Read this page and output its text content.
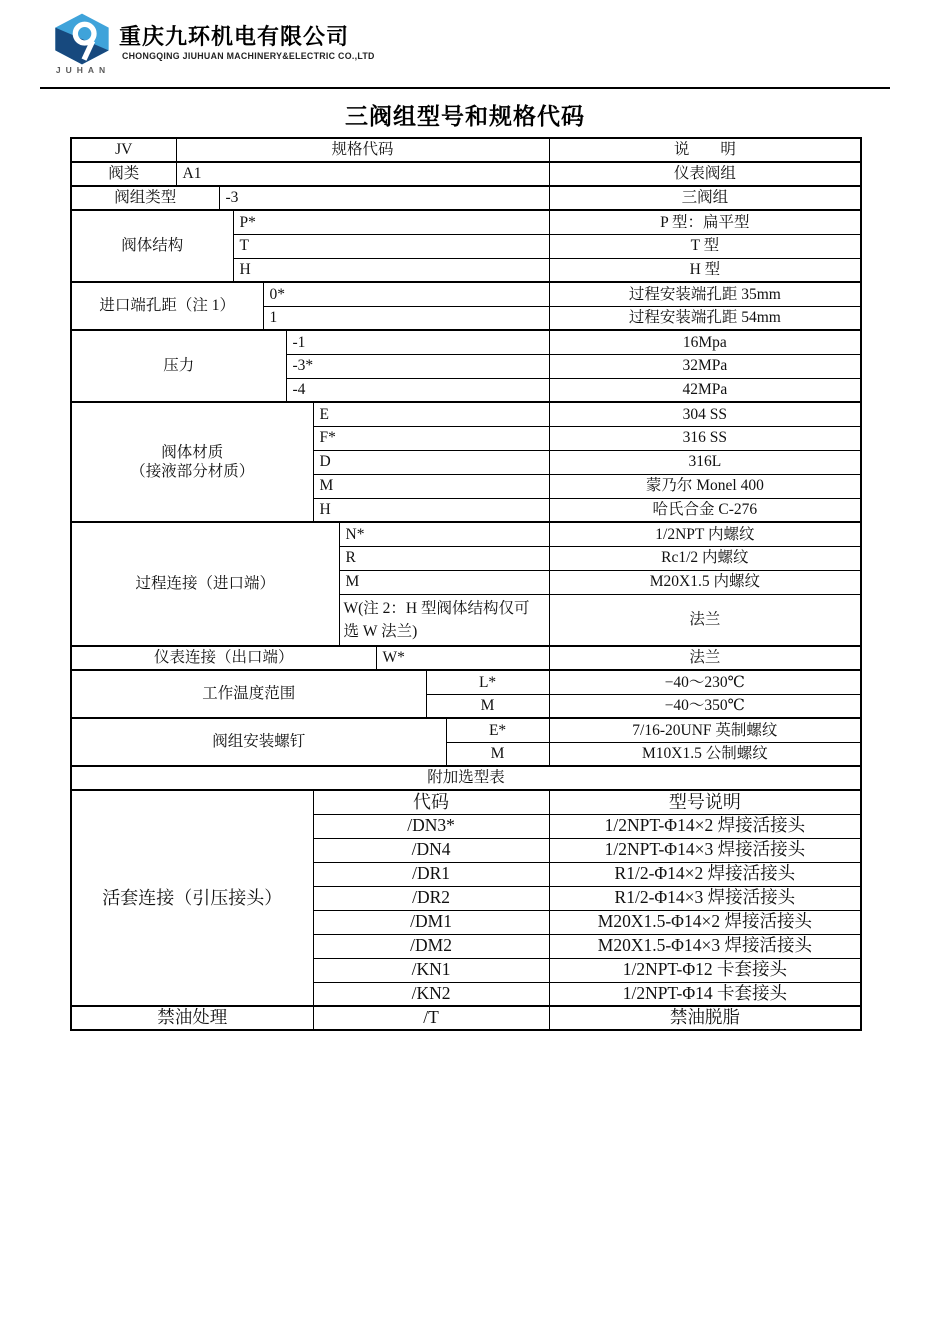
JUHAN
重庆九环机电有限公司
CHONGQING JIUHUAN MACHINERY&ELECTRIC CO.,LTD
三阀组型号和规格代码
JV	规格代码										说　　明
阀类	A1										仪表阀组
阀组类型		-3									三阀组
阀体结构			P*								P 型：扁平型
			T								T 型
			H								H 型
进口端孔距（注 1）				0*							过程安装端孔距 35mm
				1							过程安装端孔距 54mm
压力					-1						16Mpa
					-3*						32MPa
					-4						42MPa

阀体材质
（接液部分材质）						E					304 SS
						F*					316 SS
						D					316L
						M					蒙乃尔 Monel 400
						H					哈氏合金 C-276
过程连接（进口端）							N*				1/2NPT 内螺纹
							R				Rc1/2 内螺纹
							M				M20X1.5 内螺纹
							W(注 2：H 型阀体结构仅可选 W 法兰)				法兰
仪表连接（出口端）								W*			法兰
工作温度范围									L*		−40～230℃
									M		−40～350℃
阀组安装螺钉										E*	7/16-20UNF 英制螺纹
										M	M10X1.5 公制螺纹
附加选型表											
活套连接（引压接头）						代码					型号说明
						/DN3*					1/2NPT-Φ14×2 焊接活接头
						/DN4					1/2NPT-Φ14×3 焊接活接头
						/DR1					R1/2-Φ14×2 焊接活接头
						/DR2					R1/2-Φ14×3 焊接活接头
						/DM1					M20X1.5-Φ14×2 焊接活接头
						/DM2					M20X1.5-Φ14×3 焊接活接头
						/KN1					1/2NPT-Φ12 卡套接头
						/KN2					1/2NPT-Φ14 卡套接头
禁油处理						/T					禁油脱脂
